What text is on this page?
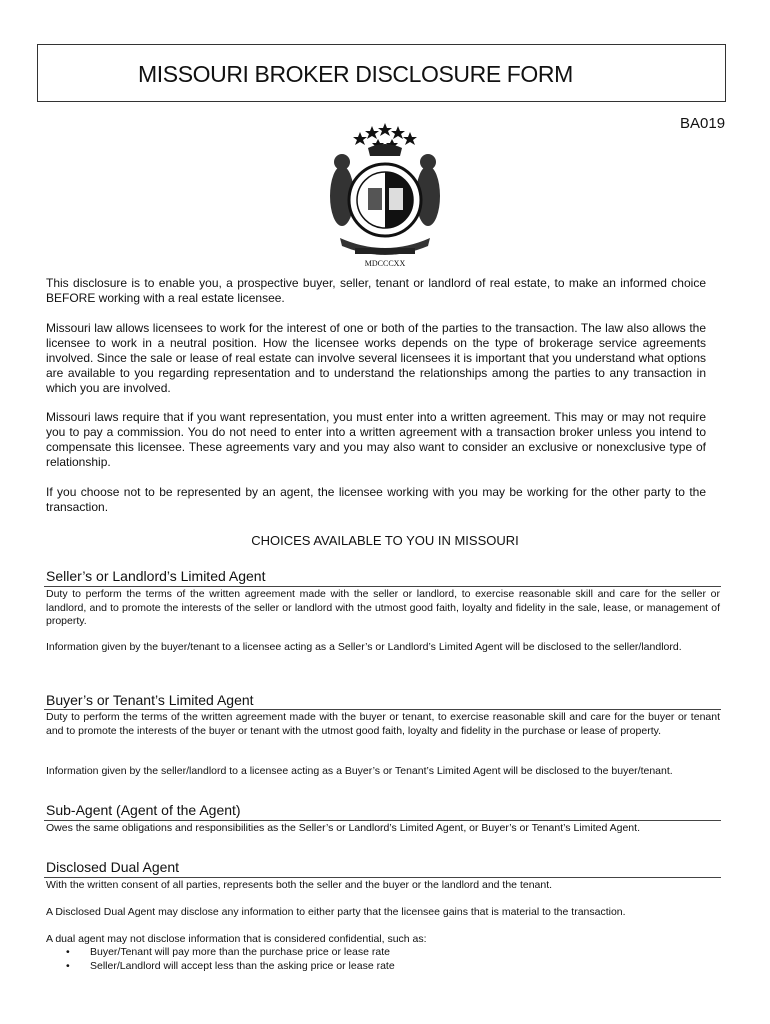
MISSOURI BROKER DISCLOSURE FORM
BA019
MDCCCXX
This disclosure is to enable you, a prospective buyer, seller, tenant or landlord of real estate, to make an informed choice BEFORE working with a real estate licensee.
Missouri law allows licensees to work for the interest of one or both of the parties to the transaction. The law also allows the licensee to work in a neutral position. How the licensee works depends on the type of brokerage service agreements involved. Since the sale or lease of real estate can involve several licensees it is important that you understand what options are available to you regarding representation and to understand the relationships among the parties to any transaction in which you are involved.
Missouri laws require that if you want representation, you must enter into a written agreement. This may or may not require you to pay a commission. You do not need to enter into a written agreement with a transaction broker unless you intend to compensate this licensee. These agreements vary and you may also want to consider an exclusive or nonexclusive type of relationship.
If you choose not to be represented by an agent, the licensee working with you may be working for the other party to the transaction.
CHOICES AVAILABLE TO YOU IN MISSOURI
Seller’s or Landlord’s Limited Agent
Duty to perform the terms of the written agreement made with the seller or landlord, to exercise reasonable skill and care for the seller or landlord, and to promote the interests of the seller or landlord with the utmost good faith, loyalty and fidelity in the sale, lease, or management of property.
Information given by the buyer/tenant to a licensee acting as a Seller’s or Landlord’s Limited Agent will be disclosed to the seller/landlord.
Buyer’s or Tenant’s Limited Agent
Duty to perform the terms of the written agreement made with the buyer or tenant, to exercise reasonable skill and care for the buyer or tenant and to promote the interests of the buyer or tenant with the utmost good faith, loyalty and fidelity in the purchase or lease of property.
Information given by the seller/landlord to a licensee acting as a Buyer’s or Tenant’s Limited Agent will be disclosed to the buyer/tenant.
Sub-Agent (Agent of the Agent)
Owes the same obligations and responsibilities as the Seller’s or Landlord’s Limited Agent, or Buyer’s or Tenant’s Limited Agent.
Disclosed Dual Agent
With the written consent of all parties, represents both the seller and the buyer or the landlord and the tenant.
A Disclosed Dual Agent may disclose any information to either party that the licensee gains that is material to the transaction.
A dual agent may not disclose information that is considered confidential, such as:
• Buyer/Tenant will pay more than the purchase price or lease rate
• Seller/Landlord will accept less than the asking price or lease rate
